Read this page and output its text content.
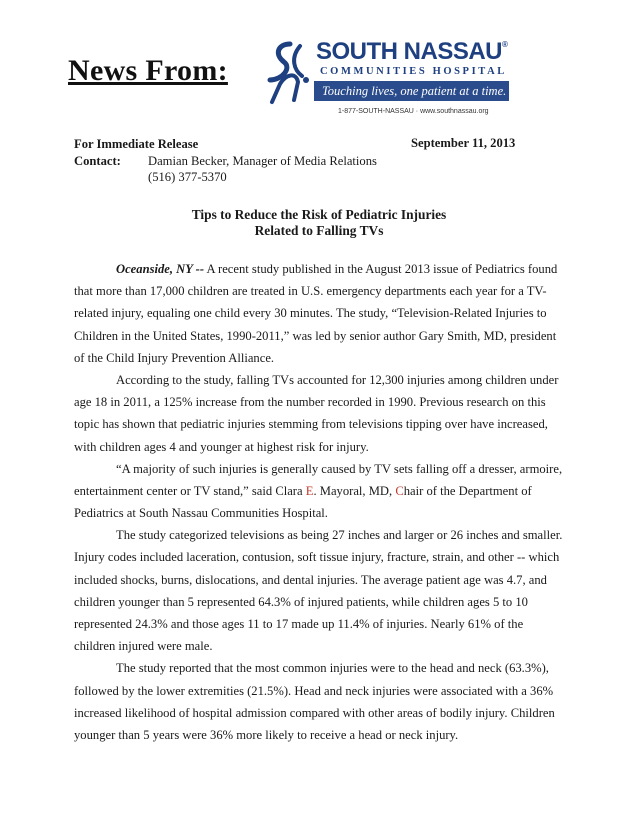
News From:
SOUTH NASSAU®
COMMUNITIES HOSPITAL
Touching lives, one patient at a time.
1-877-SOUTH-NASSAU · www.southnassau.org
For Immediate Release	September 11, 2013
Contact: Damian Becker, Manager of Media Relations
(516) 377-5370
Tips to Reduce the Risk of Pediatric Injuries
Related to Falling TVs
Oceanside, NY -- A recent study published in the August 2013 issue of Pediatrics found
that more than 17,000 children are treated in U.S. emergency departments each year for a TV-
related injury, equaling one child every 30 minutes. The study, “Television-Related Injuries to
Children in the United States, 1990-2011,” was led by senior author Gary Smith, MD, president
of the Child Injury Prevention Alliance.
According to the study, falling TVs accounted for 12,300 injuries among children under
age 18 in 2011, a 125% increase from the number recorded in 1990. Previous research on this
topic has shown that pediatric injuries stemming from televisions tipping over have increased,
with children ages 4 and younger at highest risk for injury.
“A majority of such injuries is generally caused by TV sets falling off a dresser, armoire,
entertainment center or TV stand,” said Clara E. Mayoral, MD, Chair of the Department of
Pediatrics at South Nassau Communities Hospital.
The study categorized televisions as being 27 inches and larger or 26 inches and smaller.
Injury codes included laceration, contusion, soft tissue injury, fracture, strain, and other -- which
included shocks, burns, dislocations, and dental injuries. The average patient age was 4.7, and
children younger than 5 represented 64.3% of injured patients, while children ages 5 to 10
represented 24.3% and those ages 11 to 17 made up 11.4% of injuries. Nearly 61% of the
children injured were male.
The study reported that the most common injuries were to the head and neck (63.3%),
followed by the lower extremities (21.5%). Head and neck injuries were associated with a 36%
increased likelihood of hospital admission compared with other areas of bodily injury. Children
younger than 5 years were 36% more likely to receive a head or neck injury.
